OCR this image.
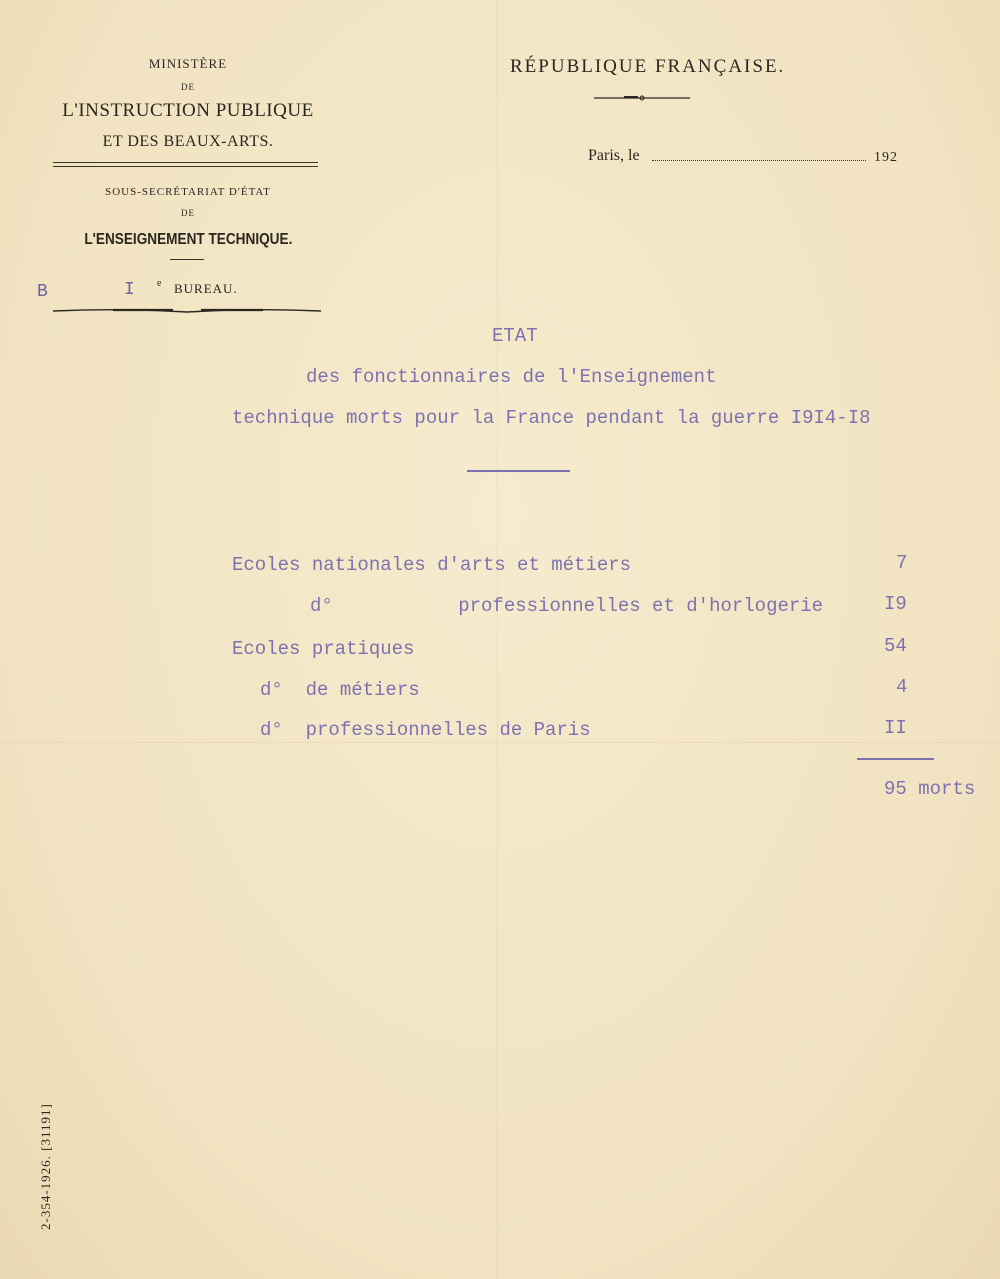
MINISTÈRE
DE
L'INSTRUCTION PUBLIQUE
ET DES BEAUX-ARTS.
SOUS-SECRÉTARIAT D'ÉTAT
DE
L'ENSEIGNEMENT TECHNIQUE.
B	I e BUREAU.
RÉPUBLIQUE FRANÇAISE.
Paris, le	192
ETAT
des fonctionnaires de l'Enseignement
technique morts pour la France pendant la guerre I9I4-I8
Ecoles nationales d'arts et métiers	7
d°           professionnelles et d'horlogerie	I9
Ecoles pratiques	54
d°  de métiers	4
d°  professionnelles de Paris	II
95 morts
2-354-1926. [31191]
